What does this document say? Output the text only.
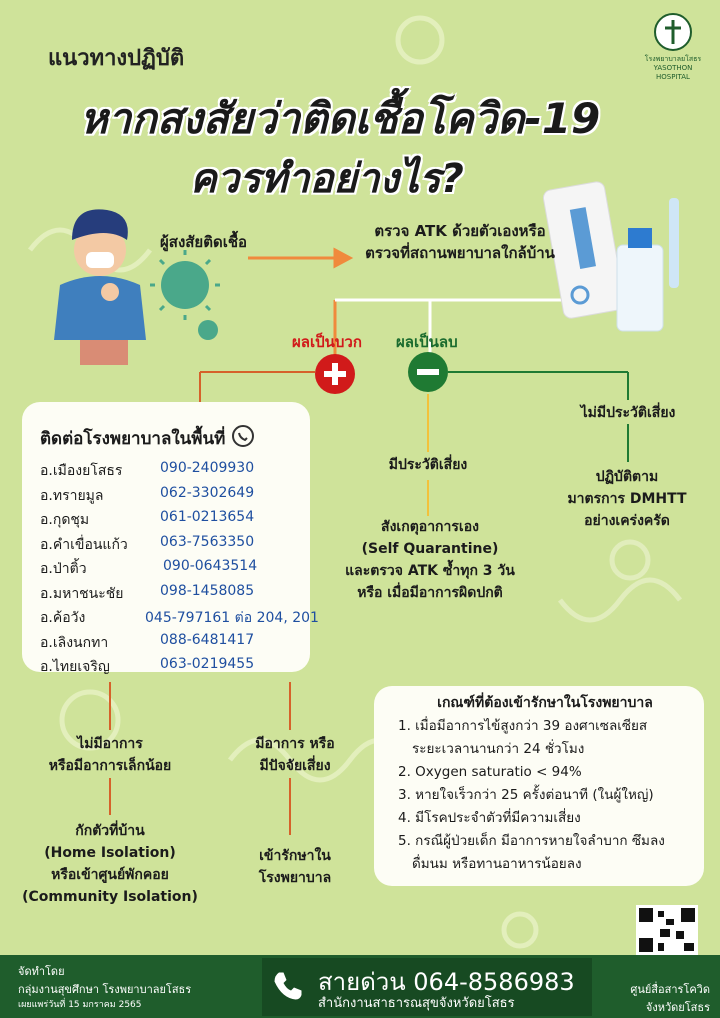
แนวทางปฏิบัติ
หากสงสัยว่าติดเชื้อโควิด-19
ควรทำอย่างไร?
โรงพยาบาลยโสธร
YASOTHON HOSPITAL
ผู้สงสัยติดเชื้อ
ตรวจ ATK ด้วยตัวเองหรือ
ตรวจที่สถานพยาบาลใกล้บ้าน
ผลเป็นบวก ผลเป็นลบ
ติดต่อโรงพยาบาลในพื้นที่
อ.เมืองยโสธร	090-2409930
อ.ทรายมูล	062-3302649
อ.กุดชุม	061-0213654
อ.คำเขื่อนแก้ว 063-7563350
อ.ป่าติ้ว	090-0643514
อ.มหาชนะชัย	098-1458085
อ.ค้อวัง	045-797161 ต่อ 204, 201
อ.เลิงนกทา	088-6481417
อ.ไทยเจริญ	063-0219455
ไม่มีประวัติเสี่ยง
มีประวัติเสี่ยง
ปฏิบัติตาม
มาตรการ DMHTT
อย่างเคร่งครัด
สังเกตุอาการเอง
(Self Quarantine)
และตรวจ ATK ซ้ำทุก 3 วัน
หรือ เมื่อมีอาการผิดปกติ
ไม่มีอาการ
หรือมีอาการเล็กน้อย
มีอาการ หรือ
มีปัจจัยเสี่ยง
กักตัวที่บ้าน
(Home Isolation)
หรือเข้าศูนย์พักคอย
(Community Isolation)
เข้ารักษาใน
โรงพยาบาล
เกณฑ์ที่ต้องเข้ารักษาในโรงพยาบาล
1. เมื่อมีอาการไข้สูงกว่า 39 องศาเซลเซียส
ระยะเวลานานกว่า 24 ชั่วโมง
2. Oxygen saturatio < 94%
3. หายใจเร็วกว่า 25 ครั้งต่อนาที (ในผู้ใหญ่)
4. มีโรคประจำตัวที่มีความเสี่ยง
5. กรณีผู้ป่วยเด็ก มีอาการหายใจลำบาก ซึมลง
ดื่มนม หรือทานอาหารน้อยลง
จัดทำโดย
กลุ่มงานสุขศึกษา โรงพยาบาลยโสธร
เผยแพร่วันที่ 15 มกราคม 2565
สายด่วน 064-8586983
สำนักงานสาธารณสุขจังหวัดยโสธร
ศูนย์สื่อสารโควิด
จังหวัดยโสธร
